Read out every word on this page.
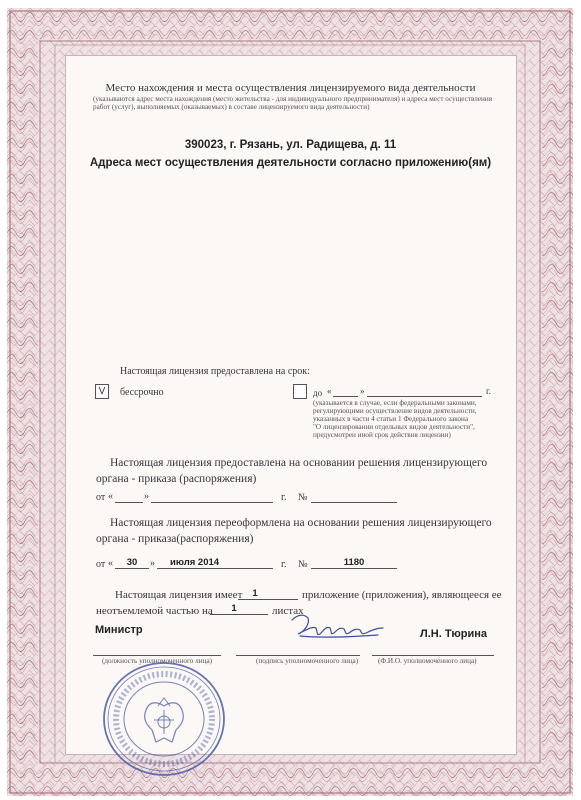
Место нахождения и места осуществления лицензируемого вида деятельности
(указываются адрес места нахождения (место жительства - для индивидуального предпринимателя) и адреса мест осуществления
работ (услуг), выполняемых (оказываемых) в составе лицензируемого вида деятельности)
390023, г. Рязань, ул. Радищева, д. 11
Адреса мест осуществления деятельности согласно приложению(ям)
Настоящая лицензия предоставлена на срок:
V	бессрочно	до «	»	г.
(указывается в случае, если федеральными законами,
регулирующими осуществление видов деятельности,
указанных в части 4 статьи 1 Федерального закона
"О лицензировании отдельных видов деятельности",
предусмотрен иной срок действия лицензии)
Настоящая лицензия предоставлена на основании решения лицензирующего
органа - приказа (распоряжения)
от «	»	г. №
Настоящая лицензия переоформлена на основании решения лицензирующего
органа - приказа(распоряжения)
от «	30	» июля 2014	г. №	1180
Настоящая лицензия имеет	1	приложение (приложения), являющееся ее
неотъемлемой частью на	1	листах
Министр	Л.Н. Тюрина
(должность уполномоченного лица)	(подпись уполномоченного лица)	(Ф.И.О. уполномоченного лица)
